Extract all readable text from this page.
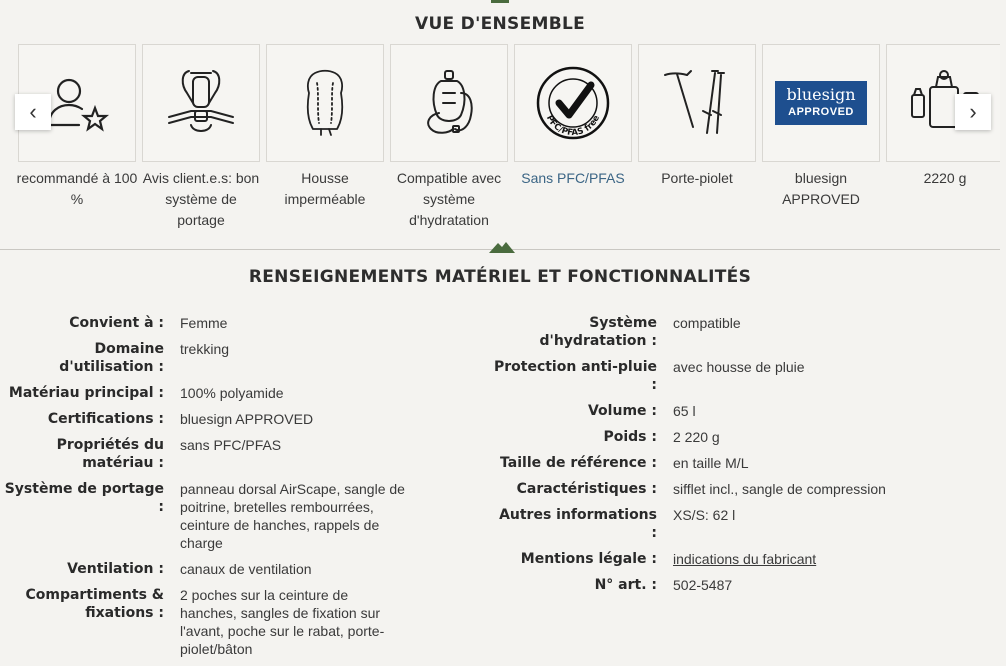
VUE D'ENSEMBLE
recommandé à 100 %
Avis client.e.s: bon système de portage
Housse imperméable
Compatible avec système d'hydratation
PFC/PFAS free
Sans PFC/PFAS	Porte-piolet
bluesign
APPROVED
bluesign APPROVED
2220 g
‹	›
RENSEIGNEMENTS MATÉRIEL ET FONCTIONNALITÉS
Convient à :	Femme
Domaine d'utilisation :
trekking
Matériau principal :	100% polyamide
Certifications :	bluesign APPROVED
Propriétés du matériau :
sans PFC/PFAS
Système de portage :
panneau dorsal AirScape, sangle de poitrine, bretelles rembourrées, ceinture de hanches, rappels de charge
Ventilation :	canaux de ventilation
Compartiments & fixations :
2 poches sur la ceinture de hanches, sangles de fixation sur l'avant, poche sur le rabat, porte-piolet/bâton
Système d'hydratation :
compatible
Protection anti-pluie :
avec housse de pluie
Volume :	65 l
Poids :	2 220 g
Taille de référence :	en taille M/L
Caractéristiques :	sifflet incl., sangle de compression
Autres informations :
XS/S: 62 l
Mentions légale :	indications du fabricant
N° art. :	502-5487
